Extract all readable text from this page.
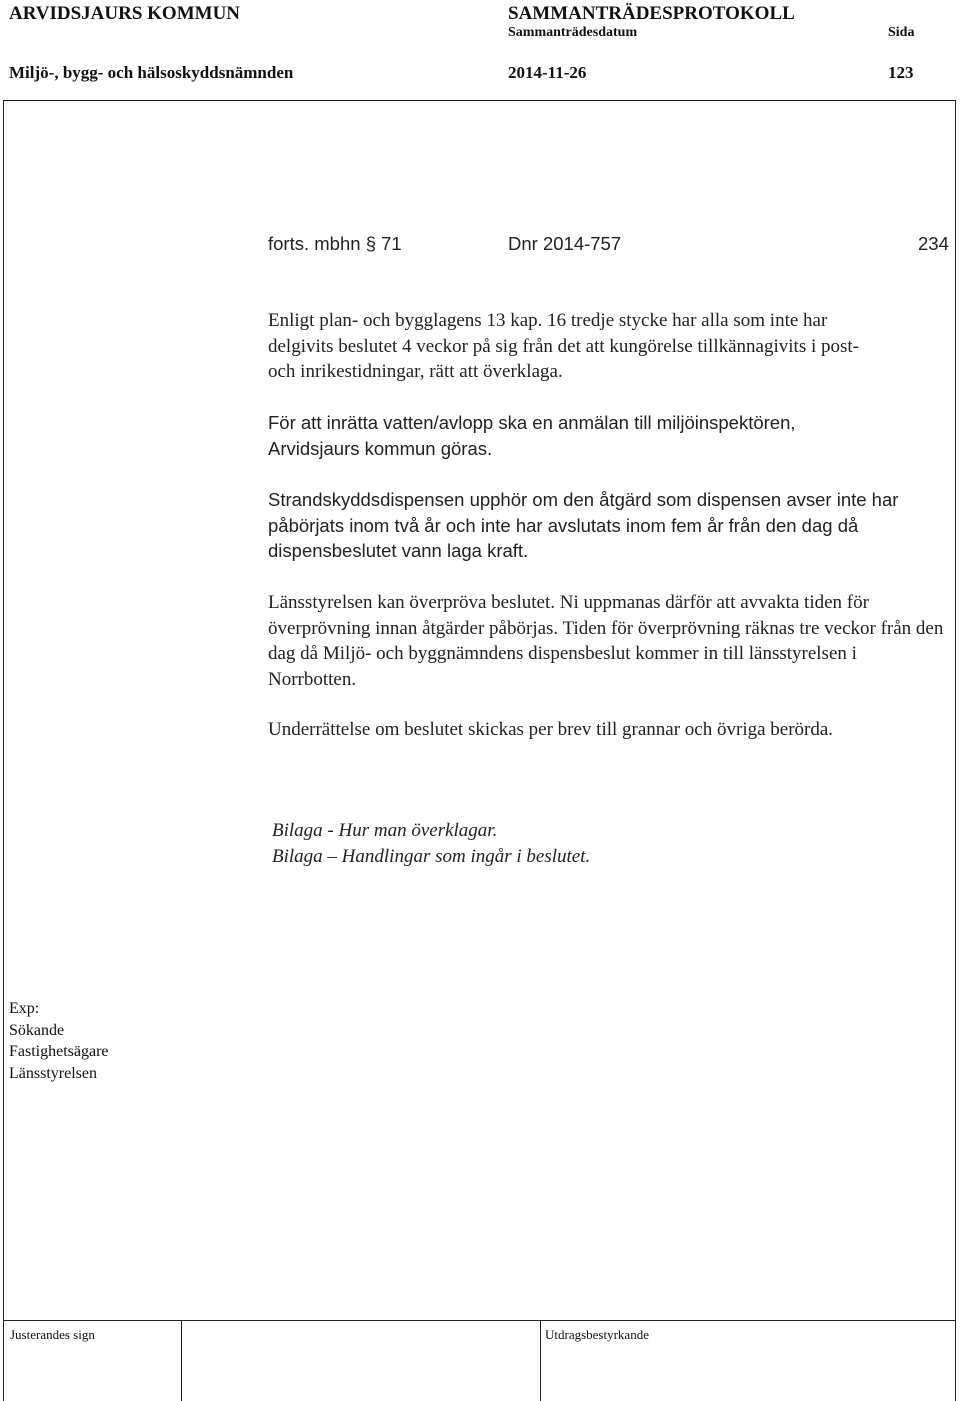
ARVIDSJAURS KOMMUN	SAMMANTRÄDESPROTOKOLL
Sammanträdesdatum	Sida
Miljö-, bygg- och hälsoskyddsnämnden	2014-11-26	123
forts. mbhn § 71	Dnr 2014-757	234

Enligt plan- och bygglagens 13 kap. 16 tredje stycke har alla som inte har delgivits beslutet 4 veckor på sig från det att kungörelse tillkännagivits i post- och inrikestidningar, rätt att överklaga.

För att inrätta vatten/avlopp ska en anmälan till miljöinspektören, Arvidsjaurs kommun göras.

Strandskyddsdispensen upphör om den åtgärd som dispensen avser inte har påbörjats inom två år och inte har avslutats inom fem år från den dag då dispensbeslutet vann laga kraft.

Länsstyrelsen kan överpröva beslutet. Ni uppmanas därför att avvakta tiden för överprövning innan åtgärder påbörjas. Tiden för överprövning räknas tre veckor från den dag då Miljö- och byggnämndens dispensbeslut kommer in till länsstyrelsen i Norrbotten.

Underrättelse om beslutet skickas per brev till grannar och övriga berörda.

Bilaga - Hur man överklagar.
Bilaga – Handlingar som ingår i beslutet.
Exp:
Sökande
Fastighetsägare
Länsstyrelsen
Justerandes sign	Utdragsbestyrkande
